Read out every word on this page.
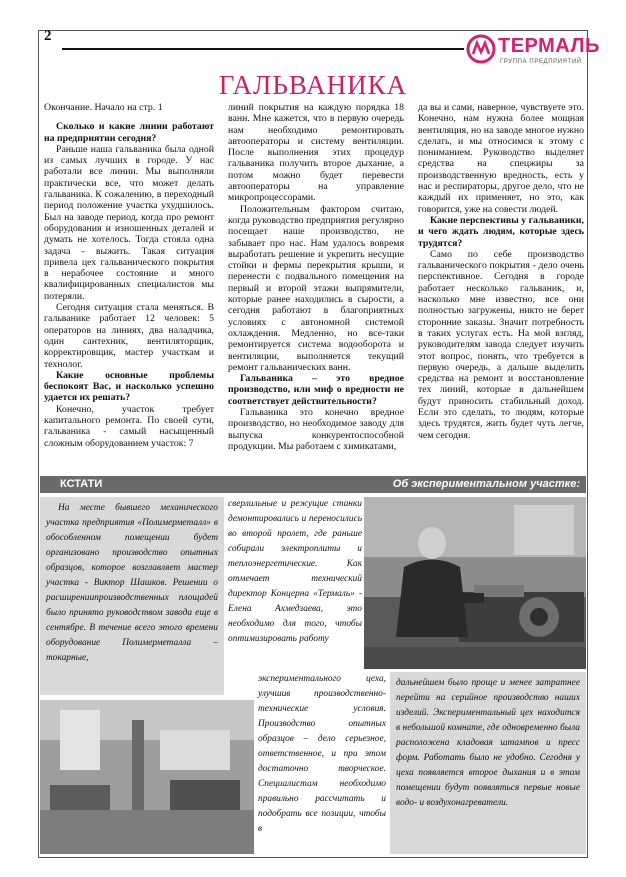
2	ТЕРМАЛЬ
ГРУППА ПРЕДПРИЯТИЙ
ГАЛЬВАНИКА

Окончание. Начало на стр. 1

Сколько и какие линии работают на предприятии сегодня?

Раньше наша гальваника была одной из самых лучших в городе. У нас работали все линии. Мы выполняли практически все, что может делать гальваника. К сожалению, в переходный период положение участка ухудшилось. Был на заводе период, когда про ремонт оборудования и изношенных деталей и думать не хотелось. Тогда стояла одна задача - выжить. Такая ситуация привела цех гальванического покрытия в нерабочее состояние и много квалифицированных специалистов мы потеряли.

Сегодня ситуация стала меняться. В гальванике работает 12 человек: 5 операторов на линиях, два наладчика, один сантехник, вентиляторщик, корректировщик, мастер участкам и технолог.

Какие основные проблемы беспокоят Вас, и насколько успешно удается их решать?

Конечно, участок требует капитального ремонта. По своей сути, гальваника - самый насыщенный сложным оборудованием участок: 7

линий покрытия на каждую порядка 18 ванн. Мне кажется, что в первую очередь нам необходимо ремонтировать автооператоры и систему вентиляции. После выполнения этих процедур гальваника получить второе дыхание, а потом можно будет перевести автооператоры на управление микропроцессорами.

Положительным фактором считаю, когда руководство предприятия регулярно посещает наше производство, не забывает про нас. Нам удалось вовремя выработать решение и укрепить несущие стойки и фермы перекрытия крыши, и перенести с подвального помещения на первый и второй этажи выпрямители, которые ранее находились в сырости, а сегодня работают в благоприятных условиях с автономной системой охлаждения. Медленно, но все-таки ремонтируется система водооборота и вентиляции, выполняется текущий ремонт гальванических ванн.

Гальваника – это вредное производство, или миф о вредности не соответствует действительности?

Гальваника это конечно вредное производство, но необходимое заводу для выпуска конкурентоспособной продукции. Мы работаем с химикатами,

да вы и сами, наверное, чувствуете это. Конечно, нам нужна более мощная вентиляция, но на заводе многое нужно сделать, и мы относимся к этому с пониманием. Руководство выделяет средства на спецжиры за производственную вредность, есть у нас и респираторы, другое дело, что не каждый их применяет, но это, как говорится, уже на совести людей.

Какие перспективы у гальваники, и чего ждать людям, которые здесь трудятся?

Само по себе производство гальванического покрытия - дело очень перспективное. Сегодня в городе работает несколько гальваник, и, насколько мне известно, все они полностью загружены, никто не берет сторонние заказы. Значит потребность в таких услугах есть. На мой взгляд, руководителям завода следует изучить этот вопрос, понять, что требуется в первую очередь, а дальше выделить средства на ремонт и восстановление тех линий, которые в дальнейшем будут приносить стабильный доход. Если это сделать, то людям, которые здесь трудятся, жить будет чуть легче, чем сегодня.

КСТАТИ	Об экспериментальном участке:

На месте бывшего механического участка предприятия «Полимерметалл» в обособленном помещении будет организовано производство опытных образцов, которое возглавляет мастер участка - Виктор Шашков. Решении о расширениипроизводственных площадей было принято руководством завода еще в сентябре. В течение всего этого времени оборудование Полимерметалла – токарные,

сверлильные и режущие станки демонтировались и переносились во второй пролет, где раньше собирали электроплиты и теплоэнергетические. Как отмечает технический директор Концерна «Термаль» - Елена Ахмедзаева, это необходимо для того, чтобы оптимизировать работу

экспериментального цеха, улучшив производственно-технические условия. Производство опытных образцов – дело серьезное, ответственное, и при этом достаточно творческое. Специалистам необходимо правильно рассчитать и подобрать все позиции, чтобы в

дальнейшем было проще и менее затратнее перейти на серийное производство наших изделий. Экспериментальный цех находится в небольшой комнате, где одновременно была расположена кладовая штампов и пресс форм. Работать было не удобно. Сегодня у цеха появляется второе дыхания и в этом помещении будут появляться первые новые водо- и воздухонагреватели.
